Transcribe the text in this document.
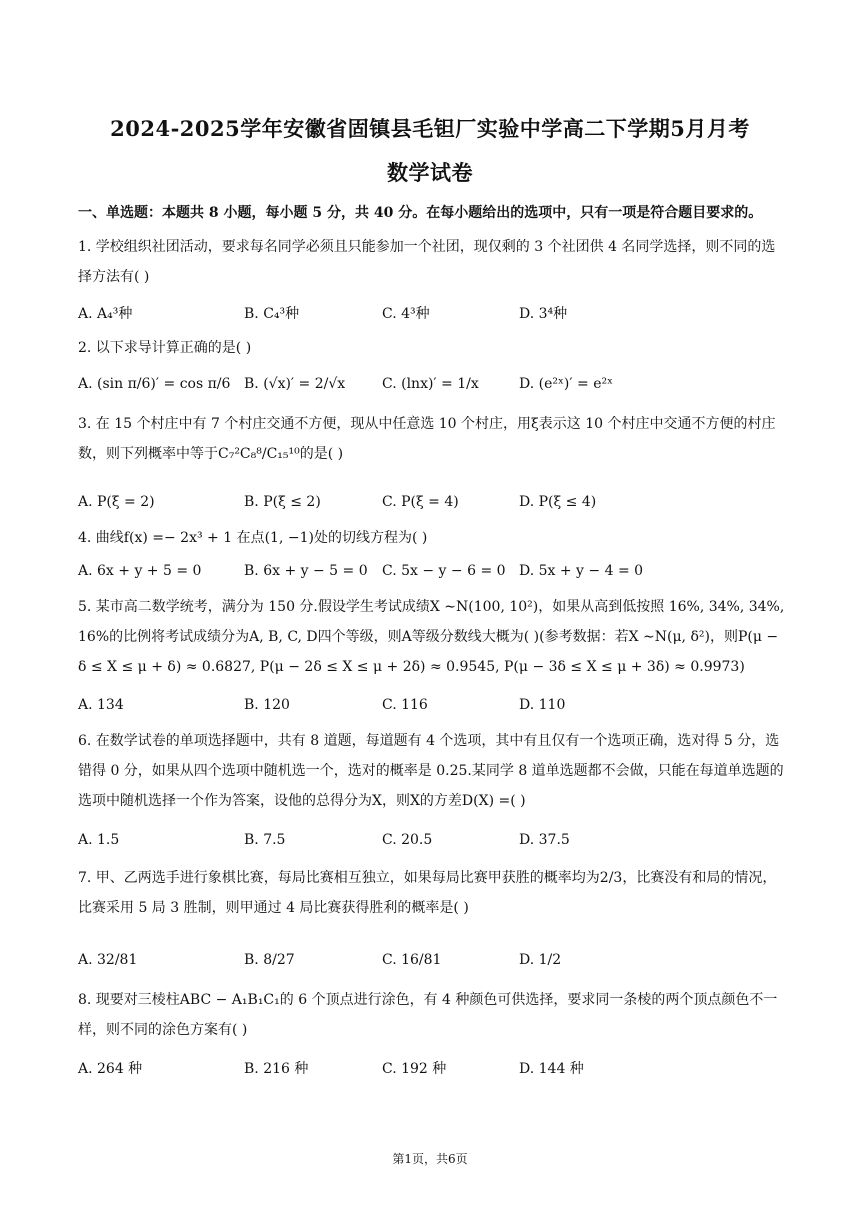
2024-2025学年安徽省固镇县毛钽厂实验中学高二下学期5月月考
数学试卷
一、单选题：本题共 8 小题，每小题 5 分，共 40 分。在每小题给出的选项中，只有一项是符合题目要求的。
1. 学校组织社团活动，要求每名同学必须且只能参加一个社团，现仅剩的 3 个社团供 4 名同学选择，则不同的选择方法有( )
A. A₄³种	B. C₄³种	C. 4³种	D. 3⁴种
2. 以下求导计算正确的是( )
A. (sin π/6)′ = cos π/6 B. (√x)′ = 2/√x	C. (lnx)′ = 1/x	D. (e²ˣ)′ = e²ˣ
3. 在 15 个村庄中有 7 个村庄交通不方便，现从中任意选 10 个村庄，用ξ表示这 10 个村庄中交通不方便的村庄数，则下列概率中等于C₇²C₈⁸/C₁₅¹⁰的是( )
A. P(ξ = 2)	B. P(ξ ≤ 2)	C. P(ξ = 4)	D. P(ξ ≤ 4)
4. 曲线f(x) =− 2x³ + 1 在点(1, −1)处的切线方程为( )
A. 6x + y + 5 = 0	B. 6x + y − 5 = 0 C. 5x − y − 6 = 0 D. 5x + y − 4 = 0
5. 某市高二数学统考，满分为 150 分.假设学生考试成绩X ∼N(100, 10²)，如果从高到低按照 16%, 34%, 34%, 16%的比例将考试成绩分为A, B, C, D四个等级，则A等级分数线大概为( )(参考数据：若X ∼N(μ, δ²)，则P(μ − δ ≤ X ≤ μ + δ) ≈ 0.6827, P(μ − 2δ ≤ X ≤ μ + 2δ) ≈ 0.9545, P(μ − 3δ ≤ X ≤ μ + 3δ) ≈ 0.9973)
A. 134	B. 120	C. 116	D. 110
6. 在数学试卷的单项选择题中，共有 8 道题，每道题有 4 个选项，其中有且仅有一个选项正确，选对得 5 分，选错得 0 分，如果从四个选项中随机选一个，选对的概率是 0.25.某同学 8 道单选题都不会做，只能在每道单选题的选项中随机选择一个作为答案，设他的总得分为X，则X的方差D(X) =( )
A. 1.5	B. 7.5	C. 20.5	D. 37.5
7. 甲、乙两选手进行象棋比赛，每局比赛相互独立，如果每局比赛甲获胜的概率均为2/3，比赛没有和局的情况，比赛采用 5 局 3 胜制，则甲通过 4 局比赛获得胜利的概率是( )
A. 32/81	B. 8/27	C. 16/81	D. 1/2
8. 现要对三棱柱ABC − A₁B₁C₁的 6 个顶点进行涂色，有 4 种颜色可供选择，要求同一条棱的两个顶点颜色不一样，则不同的涂色方案有( )
A. 264 种	B. 216 种	C. 192 种	D. 144 种
第1页，共6页
